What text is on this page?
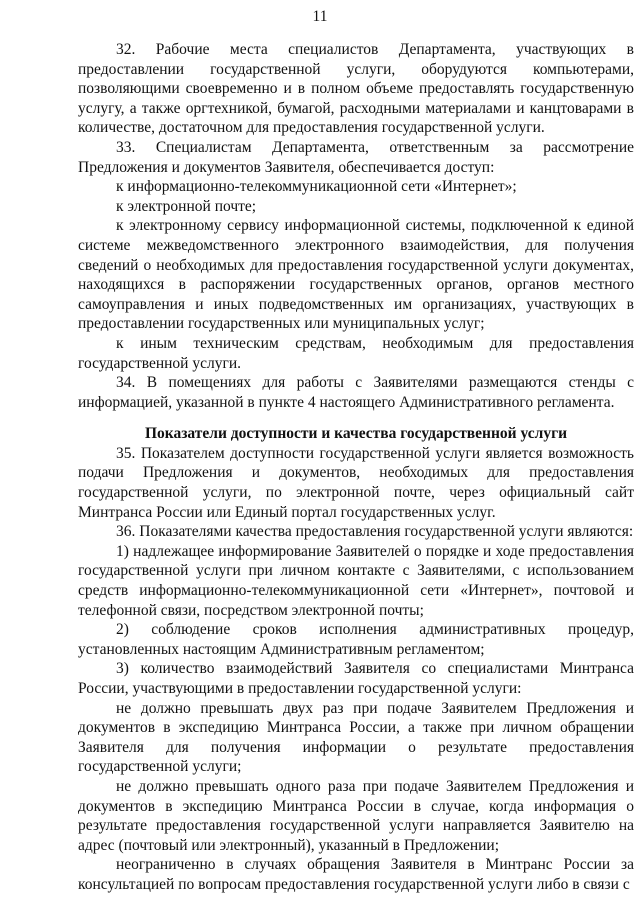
11

32. Рабочие места специалистов Департамента, участвующих в предоставлении государственной услуги, оборудуются компьютерами, позволяющими своевременно и в полном объеме предоставлять государственную услугу, а также оргтехникой, бумагой, расходными материалами и канцтоварами в количестве, достаточном для предоставления государственной услуги.

33. Специалистам Департамента, ответственным за рассмотрение Предложения и документов Заявителя, обеспечивается доступ:

к информационно-телекоммуникационной сети «Интернет»;

к электронной почте;

к электронному сервису информационной системы, подключенной к единой системе межведомственного электронного взаимодействия, для получения сведений о необходимых для предоставления государственной услуги документах, находящихся в распоряжении государственных органов, органов местного самоуправления и иных подведомственных им организациях, участвующих в предоставлении государственных или муниципальных услуг;

к иным техническим средствам, необходимым для предоставления государственной услуги.

34. В помещениях для работы с Заявителями размещаются стенды с информацией, указанной в пункте 4 настоящего Административного регламента.

Показатели доступности и качества государственной услуги

35. Показателем доступности государственной услуги является возможность подачи Предложения и документов, необходимых для предоставления государственной услуги, по электронной почте, через официальный сайт Минтранса России или Единый портал государственных услуг.

36. Показателями качества предоставления государственной услуги являются:

1) надлежащее информирование Заявителей о порядке и ходе предоставления государственной услуги при личном контакте с Заявителями, с использованием средств информационно-телекоммуникационной сети «Интернет», почтовой и телефонной связи, посредством электронной почты;

2) соблюдение сроков исполнения административных процедур, установленных настоящим Административным регламентом;

3) количество взаимодействий Заявителя со специалистами Минтранса России, участвующими в предоставлении государственной услуги:

не должно превышать двух раз при подаче Заявителем Предложения и документов в экспедицию Минтранса России, а также при личном обращении Заявителя для получения информации о результате предоставления государственной услуги;

не должно превышать одного раза при подаче Заявителем Предложения и документов в экспедицию Минтранса России в случае, когда информация о результате предоставления государственной услуги направляется Заявителю на адрес (почтовый или электронный), указанный в Предложении;

неограниченно в случаях обращения Заявителя в Минтранс России за консультацией по вопросам предоставления государственной услуги либо в связи с
